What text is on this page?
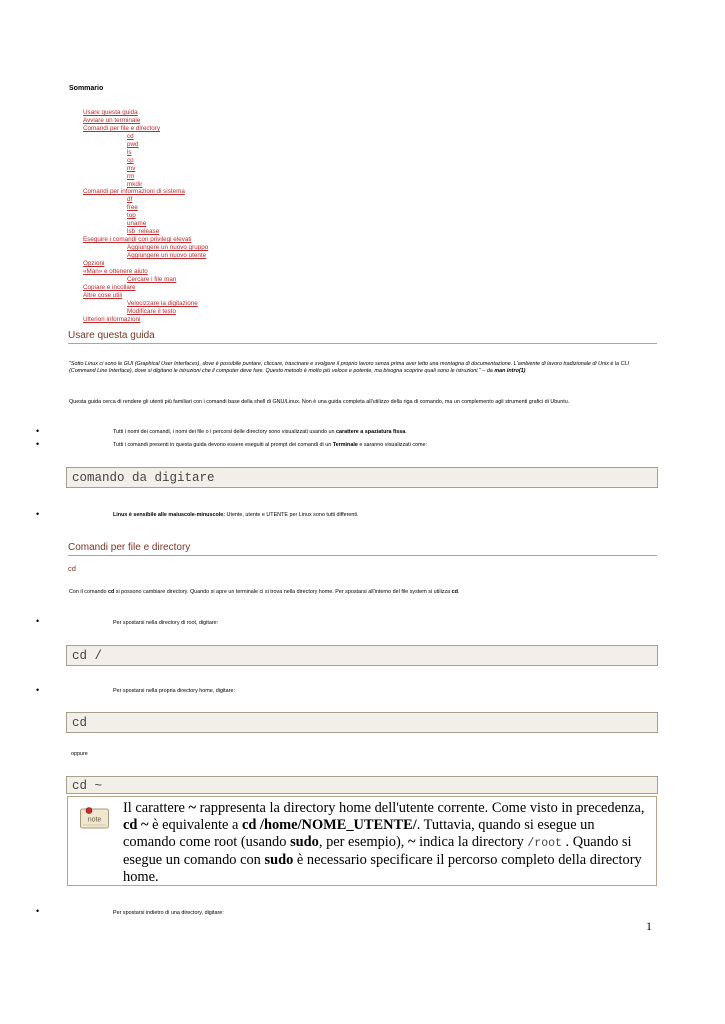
Sommario
Usare questa guida
Avviare un terminale
Comandi per file e directory
cd
pwd
ls
cp
mv
rm
mkdir
Comandi per informazioni di sistema
df
free
top
uname
lsb_release
Eseguire i comandi con privilegi elevati
Aggiungere un nuovo gruppo
Aggiungere un nuovo utente
Opzioni
«Man» e ottenere aiuto
Cercare i file man
Copiare e incollare
Altre cose utili
Velocizzare la digitazione
Modificare il testo
Ulteriori informazioni
Usare questa guida
"Sotto Linux ci sono le GUI (Graphical User Interfaces), dove è possibile puntare, cliccare, trascinare e svolgere il proprio lavoro senza prima aver letto una montagna di documentazione. L'ambiente di lavoro tradizionale di Unix è la CLI (Command Line Interface), dove si digitano le istruzioni che il computer deve fare. Questo metodo è molto più veloce e potente, ma bisogna scoprire quali sono le istruzioni." – da man intro(1)
Questa guida cerca di rendere gli utenti più familiari con i comandi base della shell di GNU/Linux. Non è una guida completa all'utilizzo della riga di comando, ma un complemento agli strumenti grafici di Ubuntu.
•	Tutti i nomi dei comandi, i nomi dei file o i percorsi delle directory sono visualizzati usando un carattere a spaziatura fissa.
•	Tutti i comandi presenti in questa guida devono essere eseguiti al prompt dei comandi di un Terminale e saranno visualizzati come:
comando da digitare
•	Linux è sensibile alle maiuscole-minuscole: Utente, utente e UTENTE per Linux sono tutti differenti.
Comandi per file e directory
cd
Con il comando cd si possono cambiare directory. Quando si apre un terminale ci si trova nella directory home. Per spostarsi all'interno del file system si utilizza cd.
•	Per spostarsi nella directory di root, digitare:
cd /
•	Per spostarsi nella propria directory home, digitare:
cd
oppure
cd ~
note
Il carattere ~ rappresenta la directory home dell'utente corrente. Come visto in precedenza, cd ~ è equivalente a cd /home/NOME_UTENTE/. Tuttavia, quando si esegue un comando come root (usando sudo, per esempio), ~ indica la directory /root . Quando si esegue un comando con sudo è necessario specificare il percorso completo della directory home.
•	Per spostarsi indietro di una directory, digitare:
1
